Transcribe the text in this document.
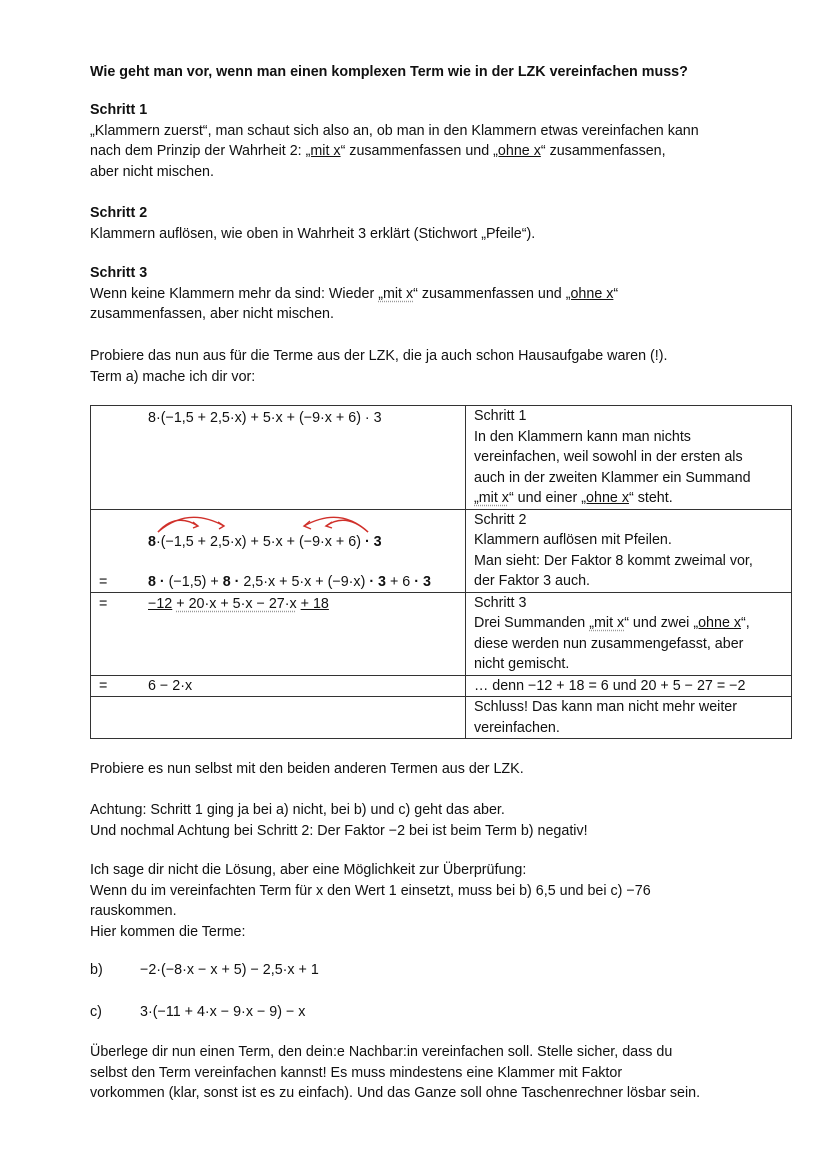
Wie geht man vor, wenn man einen komplexen Term wie in der LZK vereinfachen muss?
Schritt 1
„Klammern zuerst“, man schaut sich also an, ob man in den Klammern etwas vereinfachen kann
nach dem Prinzip der Wahrheit 2: „mit x“ zusammenfassen und „ohne x“ zusammenfassen,
aber nicht mischen.
Schritt 2
Klammern auflösen, wie oben in Wahrheit 3 erklärt (Stichwort „Pfeile“).
Schritt 3
Wenn keine Klammern mehr da sind: Wieder „mit x“ zusammenfassen und „ohne x“
zusammenfassen, aber nicht mischen.
Probiere das nun aus für die Terme aus der LZK, die ja auch schon Hausaufgabe waren (!).
Term a) mache ich dir vor:
8·(−1,5 + 2,5·x) + 5·x + (−9·x + 6) · 3	Schritt 1
In den Klammern kann man nichts
vereinfachen, weil sowohl in der ersten als
auch in der zweiten Klammer ein Summand
„mit x“ und einer „ohne x“ steht.

8·(−1,5 + 2,5·x) + 5·x + (−9·x + 6) · 3
= 8 · (−1,5) + 8 · 2,5·x + 5·x + (−9·x) · 3 + 6 · 3	Schritt 2
Klammern auflösen mit Pfeilen.
Man sieht: Der Faktor 8 kommt zweimal vor,
der Faktor 3 auch.

= −12 + 20·x + 5·x − 27·x + 18	Schritt 3
Drei Summanden „mit x“ und zwei „ohne x“,
diese werden nun zusammengefasst, aber
nicht gemischt.

= 6 − 2·x	… denn −12 + 18 = 6 und 20 + 5 − 27 = −2

	Schluss! Das kann man nicht mehr weiter
vereinfachen.
Probiere es nun selbst mit den beiden anderen Termen aus der LZK.
Achtung: Schritt 1 ging ja bei a) nicht, bei b) und c) geht das aber.
Und nochmal Achtung bei Schritt 2: Der Faktor −2 bei ist beim Term b) negativ!
Ich sage dir nicht die Lösung, aber eine Möglichkeit zur Überprüfung:
Wenn du im vereinfachten Term für x den Wert 1 einsetzt, muss bei b) 6,5 und bei c) −76
rauskommen.
Hier kommen die Terme:
b)	−2·(−8·x − x + 5) − 2,5·x + 1
c)	3·(−11 + 4·x − 9·x − 9) − x
Überlege dir nun einen Term, den dein:e Nachbar:in vereinfachen soll. Stelle sicher, dass du
selbst den Term vereinfachen kannst! Es muss mindestens eine Klammer mit Faktor
vorkommen (klar, sonst ist es zu einfach). Und das Ganze soll ohne Taschenrechner lösbar sein.
